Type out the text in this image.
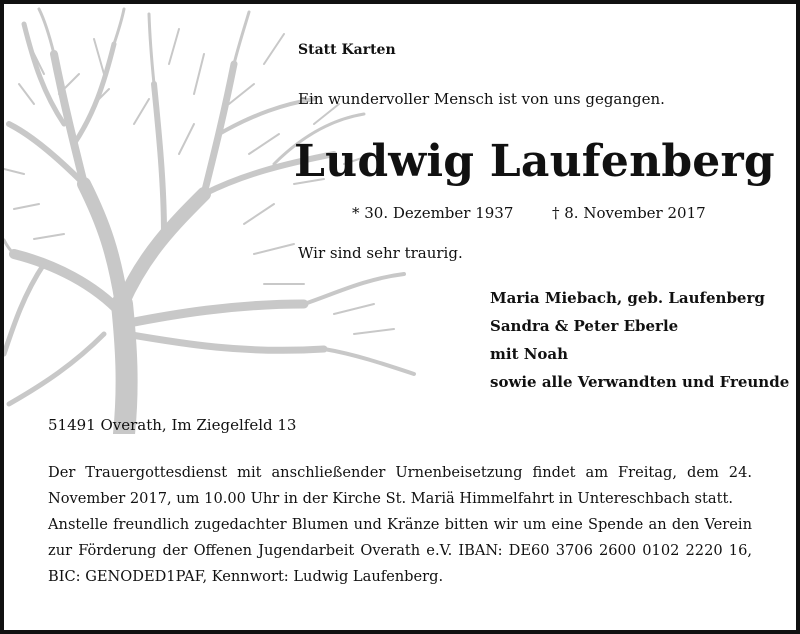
Statt Karten
Ein wundervoller Mensch ist von uns gegangen.
Ludwig Laufenberg
* 30. Dezember 1937	† 8. November 2017
Wir sind sehr traurig.
Maria Miebach, geb. Laufenberg
Sandra & Peter Eberle
mit Noah
sowie alle Verwandten und Freunde
51491 Overath, Im Ziegelfeld 13

Der Trauergottesdienst mit anschließender Urnenbeisetzung findet am Freitag, dem 24. November 2017, um 10.00 Uhr in der Kirche St. Mariä Himmelfahrt in Untereschbach statt.

Anstelle freundlich zugedachter Blumen und Kränze bitten wir um eine Spende an den Verein zur Förderung der Offenen Jugendarbeit Overath e.V. IBAN: DE60 3706 2600 0102 2220 16, BIC: GENODED1PAF, Kennwort: Ludwig Laufenberg.
